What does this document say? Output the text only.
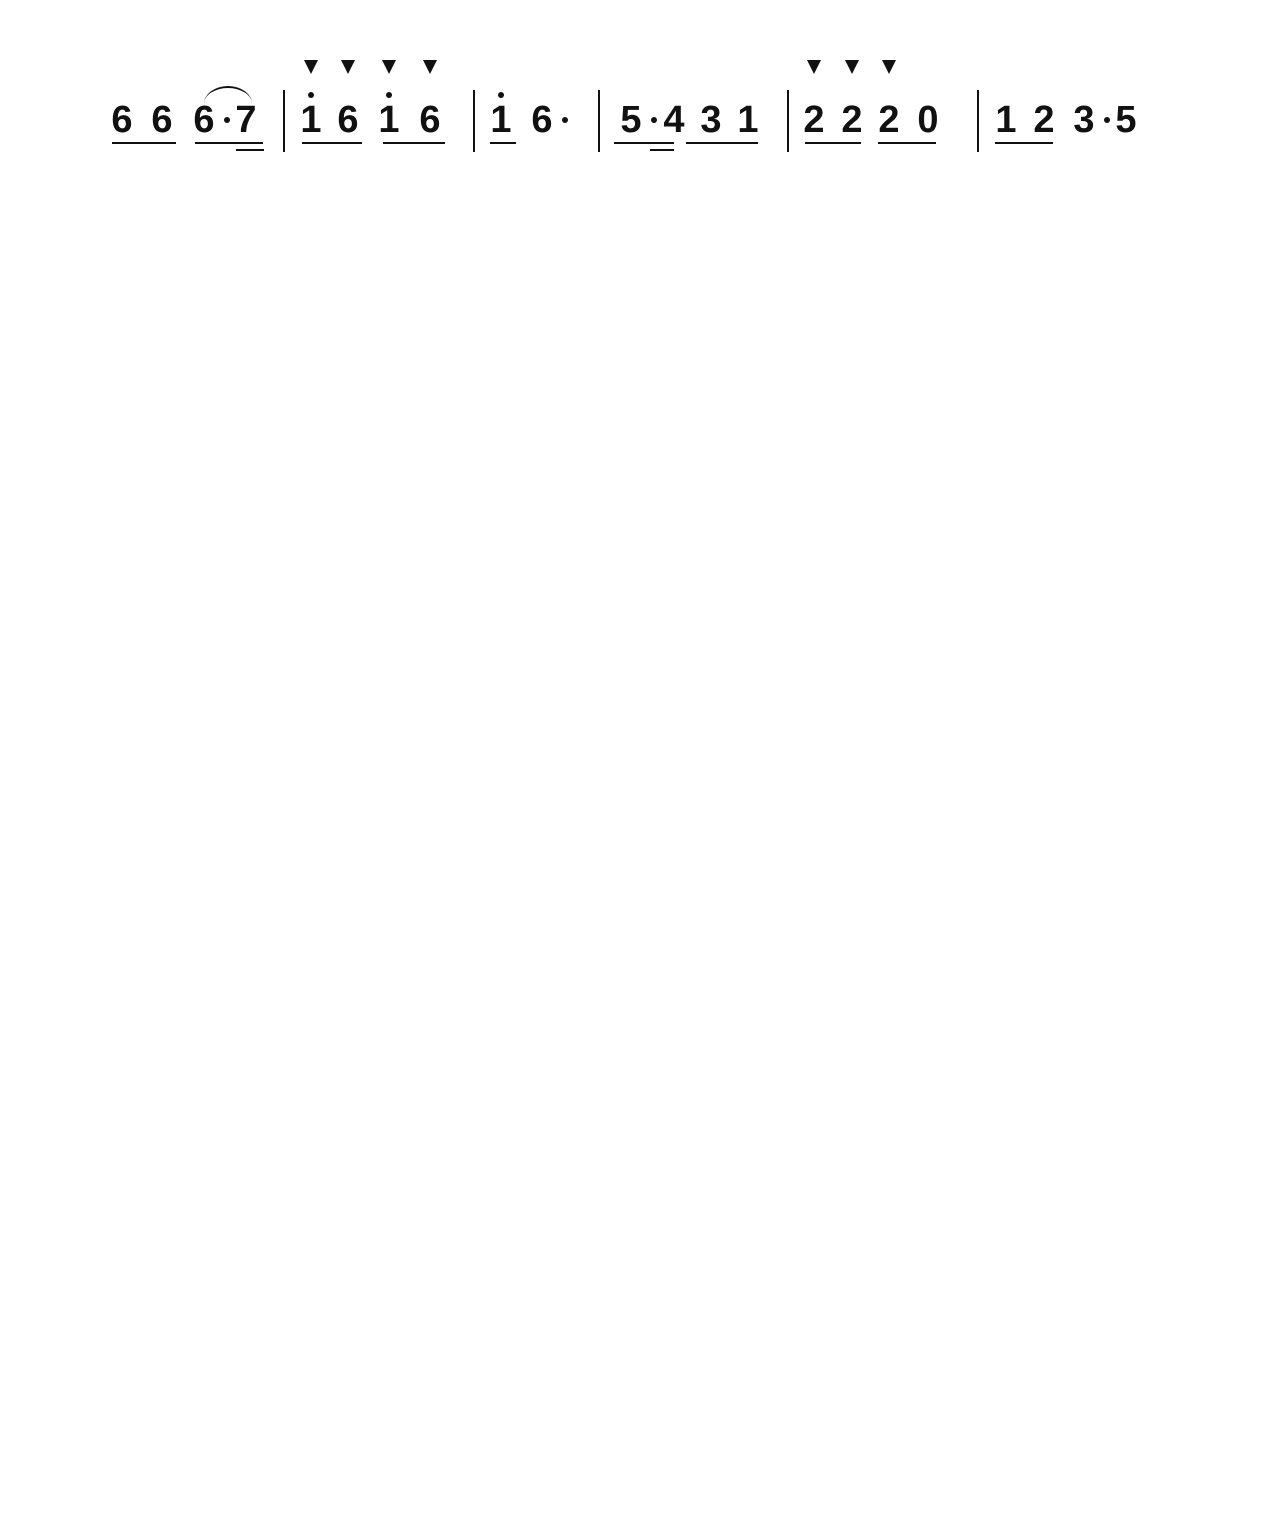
6 6 6 7 1 6 1 6 1 6 5 4 3 1 2 2 2 0 1 2 3 5
